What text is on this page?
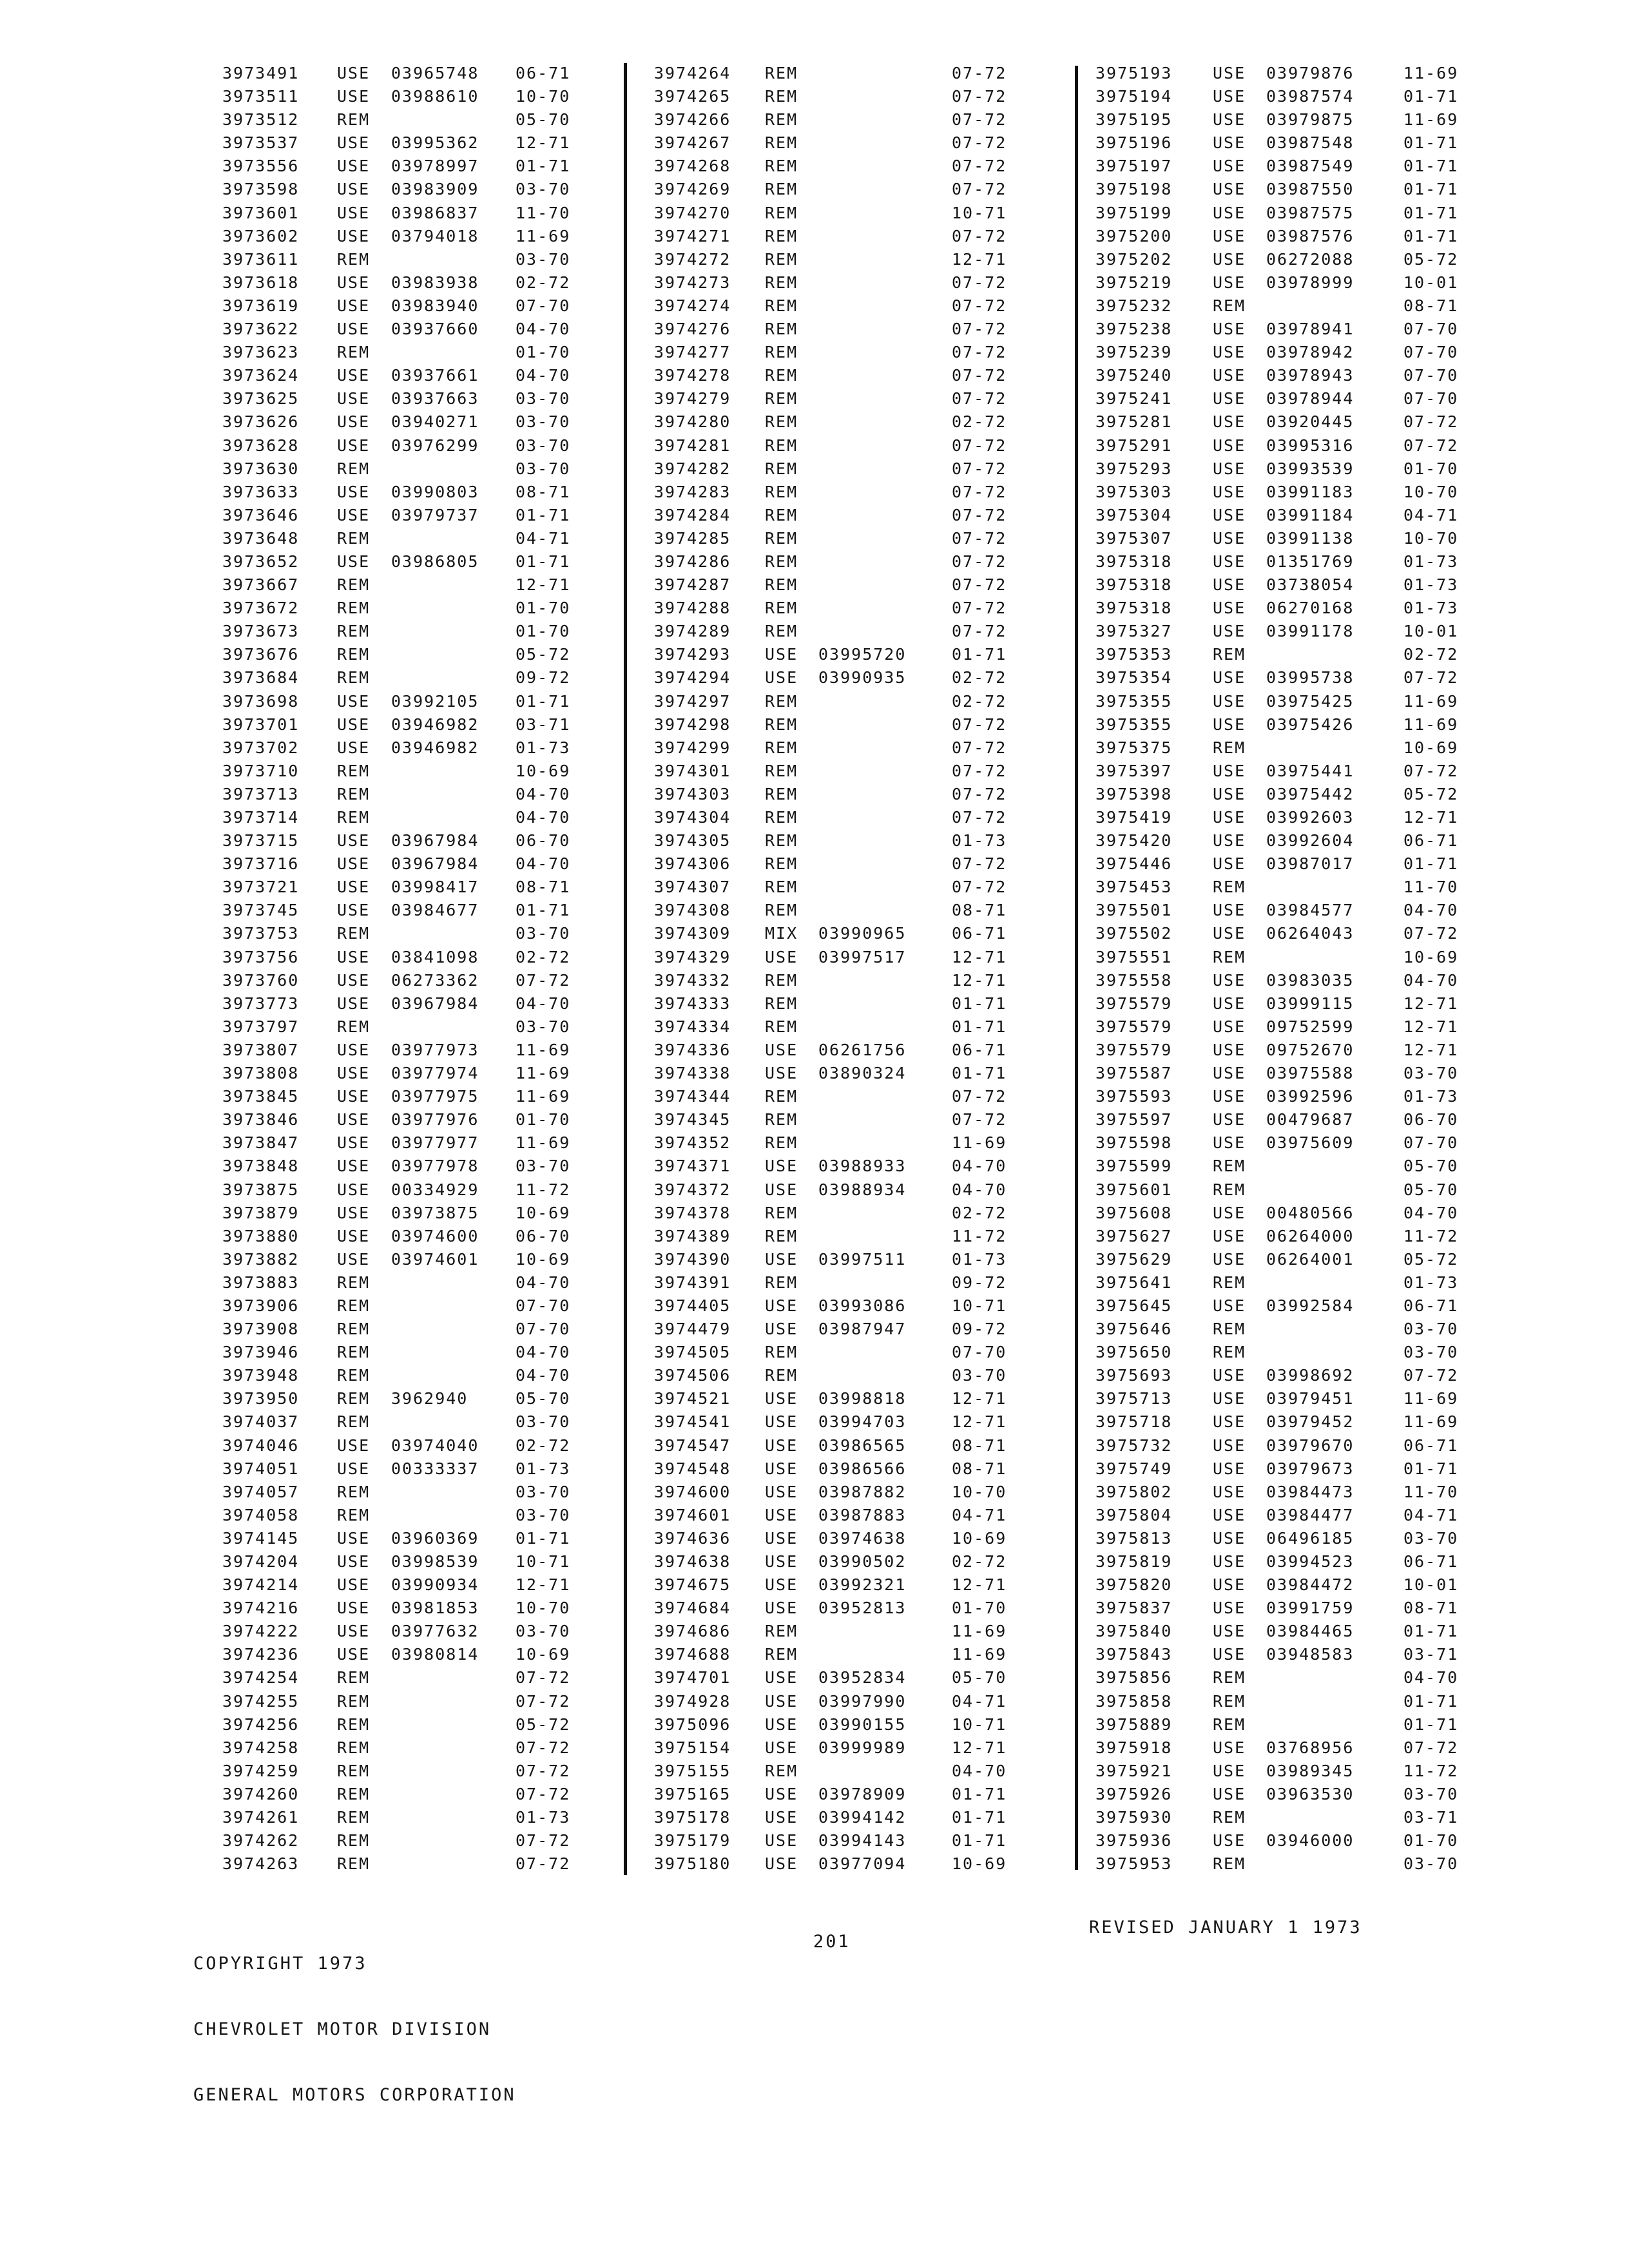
3973491 USE 03965748 06-71
3973511 USE 03988610 10-70
3973512 REM	05-70
3973537 USE 03995362 12-71
3973556 USE 03978997 01-71
3973598 USE 03983909 03-70
3973601 USE 03986837 11-70
3973602 USE 03794018 11-69
3973611 REM	03-70
3973618 USE 03983938 02-72
3973619 USE 03983940 07-70
3973622 USE 03937660 04-70
3973623 REM	01-70
3973624 USE 03937661 04-70
3973625 USE 03937663 03-70
3973626 USE 03940271 03-70
3973628 USE 03976299 03-70
3973630 REM	03-70
3973633 USE 03990803 08-71
3973646 USE 03979737 01-71
3973648 REM	04-71
3973652 USE 03986805 01-71
3973667 REM	12-71
3973672 REM	01-70
3973673 REM	01-70
3973676 REM	05-72
3973684 REM	09-72
3973698 USE 03992105 01-71
3973701 USE 03946982 03-71
3973702 USE 03946982 01-73
3973710 REM	10-69
3973713 REM	04-70
3973714 REM	04-70
3973715 USE 03967984 06-70
3973716 USE 03967984 04-70
3973721 USE 03998417 08-71
3973745 USE 03984677 01-71
3973753 REM	03-70
3973756 USE 03841098 02-72
3973760 USE 06273362 07-72
3973773 USE 03967984 04-70
3973797 REM	03-70
3973807 USE 03977973 11-69
3973808 USE 03977974 11-69
3973845 USE 03977975 11-69
3973846 USE 03977976 01-70
3973847 USE 03977977 11-69
3973848 USE 03977978 03-70
3973875 USE 00334929 11-72
3973879 USE 03973875 10-69
3973880 USE 03974600 06-70
3973882 USE 03974601 10-69
3973883 REM	04-70
3973906 REM	07-70
3973908 REM	07-70
3973946 REM	04-70
3973948 REM	04-70
3973950 REM 3962940	05-70
3974037 REM	03-70
3974046 USE 03974040 02-72
3974051 USE 00333337 01-73
3974057 REM	03-70
3974058 REM	03-70
3974145 USE 03960369 01-71
3974204 USE 03998539 10-71
3974214 USE 03990934 12-71
3974216 USE 03981853 10-70
3974222 USE 03977632 03-70
3974236 USE 03980814 10-69
3974254 REM	07-72
3974255 REM	07-72
3974256 REM	05-72
3974258 REM	07-72
3974259 REM	07-72
3974260 REM	07-72
3974261 REM	01-73
3974262 REM	07-72
3974263 REM	07-72
3974264 REM	07-72
3974265 REM	07-72
3974266 REM	07-72
3974267 REM	07-72
3974268 REM	07-72
3974269 REM	07-72
3974270 REM	10-71
3974271 REM	07-72
3974272 REM	12-71
3974273 REM	07-72
3974274 REM	07-72
3974276 REM	07-72
3974277 REM	07-72
3974278 REM	07-72
3974279 REM	07-72
3974280 REM	02-72
3974281 REM	07-72
3974282 REM	07-72
3974283 REM	07-72
3974284 REM	07-72
3974285 REM	07-72
3974286 REM	07-72
3974287 REM	07-72
3974288 REM	07-72
3974289 REM	07-72
3974293 USE 03995720	01-71
3974294 USE 03990935	02-72
3974297 REM	02-72
3974298 REM	07-72
3974299 REM	07-72
3974301 REM	07-72
3974303 REM	07-72
3974304 REM	07-72
3974305 REM	01-73
3974306 REM	07-72
3974307 REM	07-72
3974308 REM	08-71
3974309 MIX 03990965	06-71
3974329 USE 03997517	12-71
3974332 REM	12-71
3974333 REM	01-71
3974334 REM	01-71
3974336 USE 06261756	06-71
3974338 USE 03890324	01-71
3974344 REM	07-72
3974345 REM	07-72
3974352 REM	11-69
3974371 USE 03988933	04-70
3974372 USE 03988934	04-70
3974378 REM	02-72
3974389 REM	11-72
3974390 USE 03997511	01-73
3974391 REM	09-72
3974405 USE 03993086	10-71
3974479 USE 03987947	09-72
3974505 REM	07-70
3974506 REM	03-70
3974521 USE 03998818	12-71
3974541 USE 03994703	12-71
3974547 USE 03986565	08-71
3974548 USE 03986566	08-71
3974600 USE 03987882	10-70
3974601 USE 03987883	04-71
3974636 USE 03974638	10-69
3974638 USE 03990502	02-72
3974675 USE 03992321	12-71
3974684 USE 03952813	01-70
3974686 REM	11-69
3974688 REM	11-69
3974701 USE 03952834	05-70
3974928 USE 03997990	04-71
3975096 USE 03990155	10-71
3975154 USE 03999989	12-71
3975155 REM	04-70
3975165 USE 03978909	01-71
3975178 USE 03994142	01-71
3975179 USE 03994143	01-71
3975180 USE 03977094	10-69
3975193	USE 03979876	11-69
3975194	USE 03987574	01-71
3975195	USE 03979875	11-69
3975196	USE 03987548	01-71
3975197	USE 03987549	01-71
3975198	USE 03987550	01-71
3975199	USE 03987575	01-71
3975200	USE 03987576	01-71
3975202	USE 06272088	05-72
3975219	USE 03978999	10-01
3975232	REM	08-71
3975238	USE 03978941	07-70
3975239	USE 03978942	07-70
3975240	USE 03978943	07-70
3975241	USE 03978944	07-70
3975281	USE 03920445	07-72
3975291	USE 03995316	07-72
3975293	USE 03993539	01-70
3975303	USE 03991183	10-70
3975304	USE 03991184	04-71
3975307	USE 03991138	10-70
3975318	USE 01351769	01-73
3975318	USE 03738054	01-73
3975318	USE 06270168	01-73
3975327	USE 03991178	10-01
3975353	REM	02-72
3975354	USE 03995738	07-72
3975355	USE 03975425	11-69
3975355	USE 03975426	11-69
3975375	REM	10-69
3975397	USE 03975441	07-72
3975398	USE 03975442	05-72
3975419	USE 03992603	12-71
3975420	USE 03992604	06-71
3975446	USE 03987017	01-71
3975453	REM	11-70
3975501	USE 03984577	04-70
3975502	USE 06264043	07-72
3975551	REM	10-69
3975558	USE 03983035	04-70
3975579	USE 03999115	12-71
3975579	USE 09752599	12-71
3975579	USE 09752670	12-71
3975587	USE 03975588	03-70
3975593	USE 03992596	01-73
3975597	USE 00479687	06-70
3975598	USE 03975609	07-70
3975599	REM	05-70
3975601	REM	05-70
3975608	USE 00480566	04-70
3975627	USE 06264000	11-72
3975629	USE 06264001	05-72
3975641	REM	01-73
3975645	USE 03992584	06-71
3975646	REM	03-70
3975650	REM	03-70
3975693	USE 03998692	07-72
3975713	USE 03979451	11-69
3975718	USE 03979452	11-69
3975732	USE 03979670	06-71
3975749	USE 03979673	01-71
3975802	USE 03984473	11-70
3975804	USE 03984477	04-71
3975813	USE 06496185	03-70
3975819	USE 03994523	06-71
3975820	USE 03984472	10-01
3975837	USE 03991759	08-71
3975840	USE 03984465	01-71
3975843	USE 03948583	03-71
3975856	REM	04-70
3975858	REM	01-71
3975889	REM	01-71
3975918	USE 03768956	07-72
3975921	USE 03989345	11-72
3975926	USE 03963530	03-70
3975930	REM	03-71
3975936	USE 03946000	01-70
3975953	REM	03-70

COPYRIGHT 1973

CHEVROLET MOTOR DIVISION

GENERAL MOTORS CORPORATION

201
REVISED JANUARY 1 1973
